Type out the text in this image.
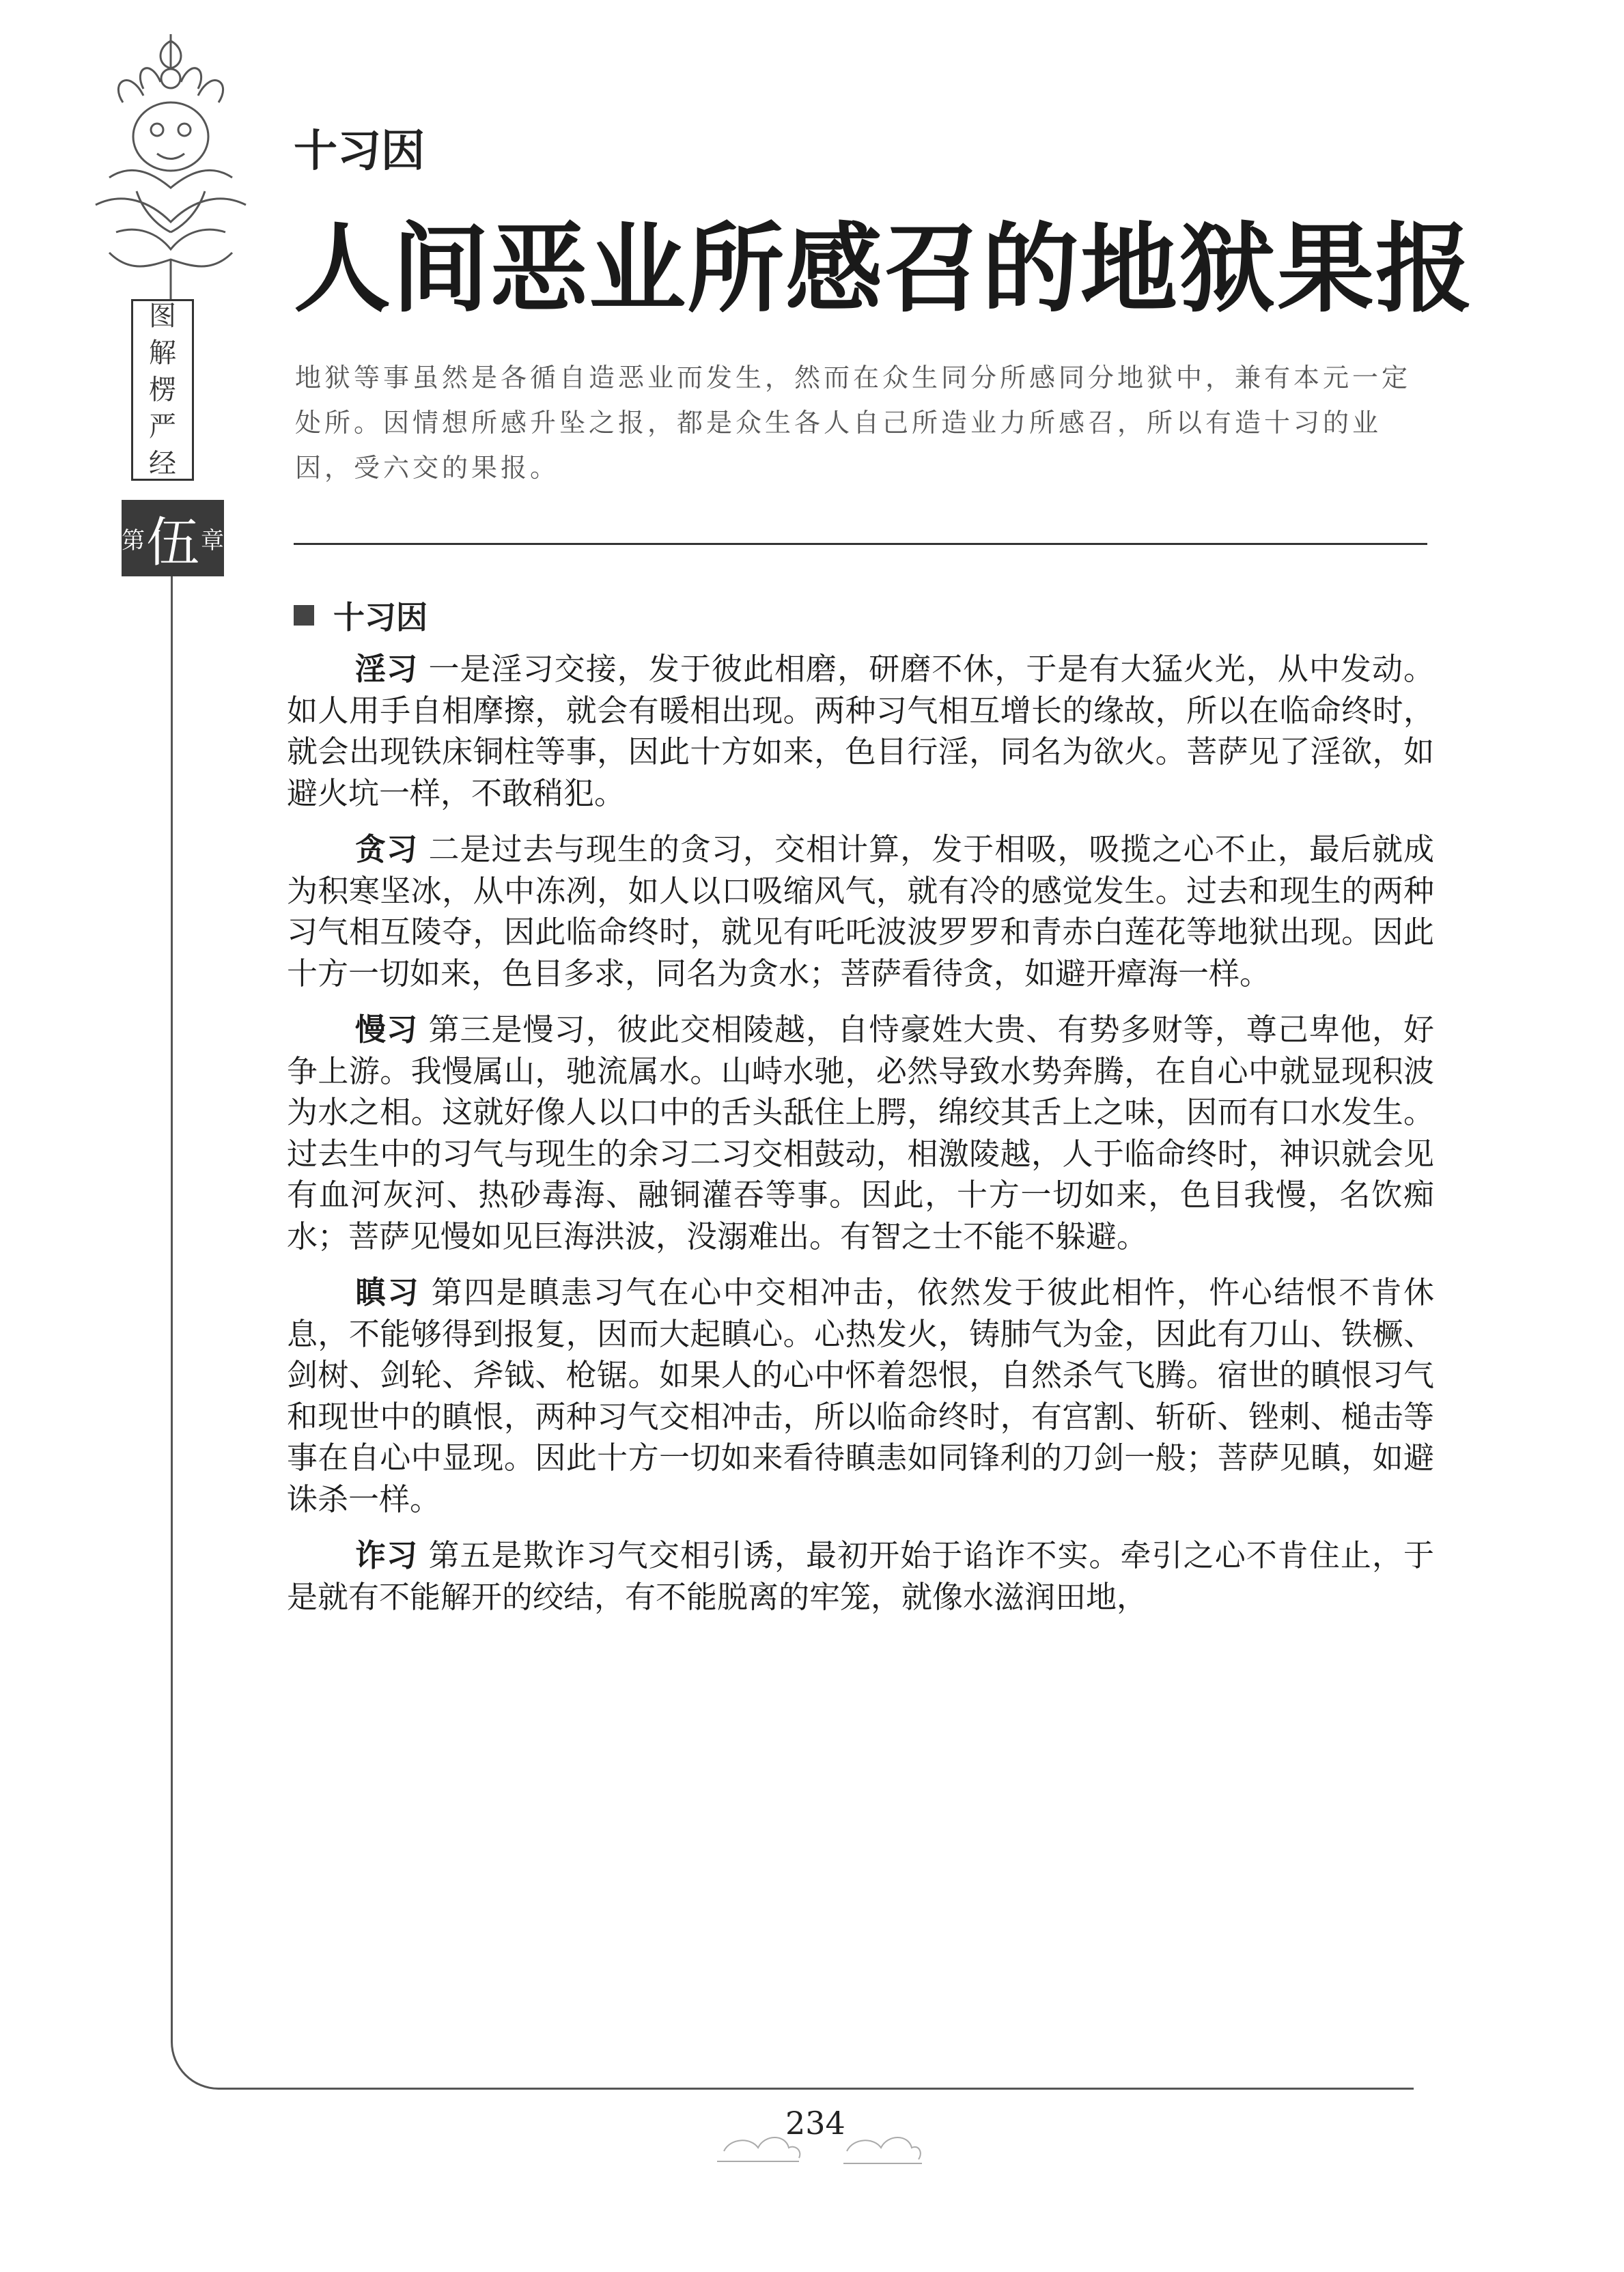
图
解
楞
严
经
第 伍 章
十习因
人间恶业所感召的地狱果报
地狱等事虽然是各循自造恶业而发生，然而在众生同分所感同分地狱中，兼有本元一定处所。因情想所感升坠之报，都是众生各人自己所造业力所感召，所以有造十习的业因，受六交的果报。
十习因

淫习 一是淫习交接，发于彼此相磨，研磨不休，于是有大猛火光，从中发动。如人用手自相摩擦，就会有暖相出现。两种习气相互增长的缘故，所以在临命终时，就会出现铁床铜柱等事，因此十方如来，色目行淫，同名为欲火。菩萨见了淫欲，如避火坑一样，不敢稍犯。

贪习 二是过去与现生的贪习，交相计算，发于相吸，吸揽之心不止，最后就成为积寒坚冰，从中冻冽，如人以口吸缩风气，就有冷的感觉发生。过去和现生的两种习气相互陵夺，因此临命终时，就见有吒吒波波罗罗和青赤白莲花等地狱出现。因此十方一切如来，色目多求，同名为贪水；菩萨看待贪，如避开瘴海一样。

慢习 第三是慢习，彼此交相陵越，自恃豪姓大贵、有势多财等，尊己卑他，好争上游。我慢属山，驰流属水。山峙水驰，必然导致水势奔腾，在自心中就显现积波为水之相。这就好像人以口中的舌头舐住上腭，绵绞其舌上之味，因而有口水发生。过去生中的习气与现生的余习二习交相鼓动，相激陵越，人于临命终时，神识就会见有血河灰河、热砂毒海、融铜灌吞等事。因此，十方一切如来，色目我慢，名饮痴水；菩萨见慢如见巨海洪波，没溺难出。有智之士不能不躲避。

瞋习 第四是瞋恚习气在心中交相冲击，依然发于彼此相忤，忤心结恨不肯休息，不能够得到报复，因而大起瞋心。心热发火，铸肺气为金，因此有刀山、铁橛、剑树、剑轮、斧钺、枪锯。如果人的心中怀着怨恨，自然杀气飞腾。宿世的瞋恨习气和现世中的瞋恨，两种习气交相冲击，所以临命终时，有宫割、斩斫、锉刺、槌击等事在自心中显现。因此十方一切如来看待瞋恚如同锋利的刀剑一般；菩萨见瞋，如避诛杀一样。

诈习 第五是欺诈习气交相引诱，最初开始于谄诈不实。牵引之心不肯住止，于是就有不能解开的绞结，有不能脱离的牢笼，就像水滋润田地，

234
